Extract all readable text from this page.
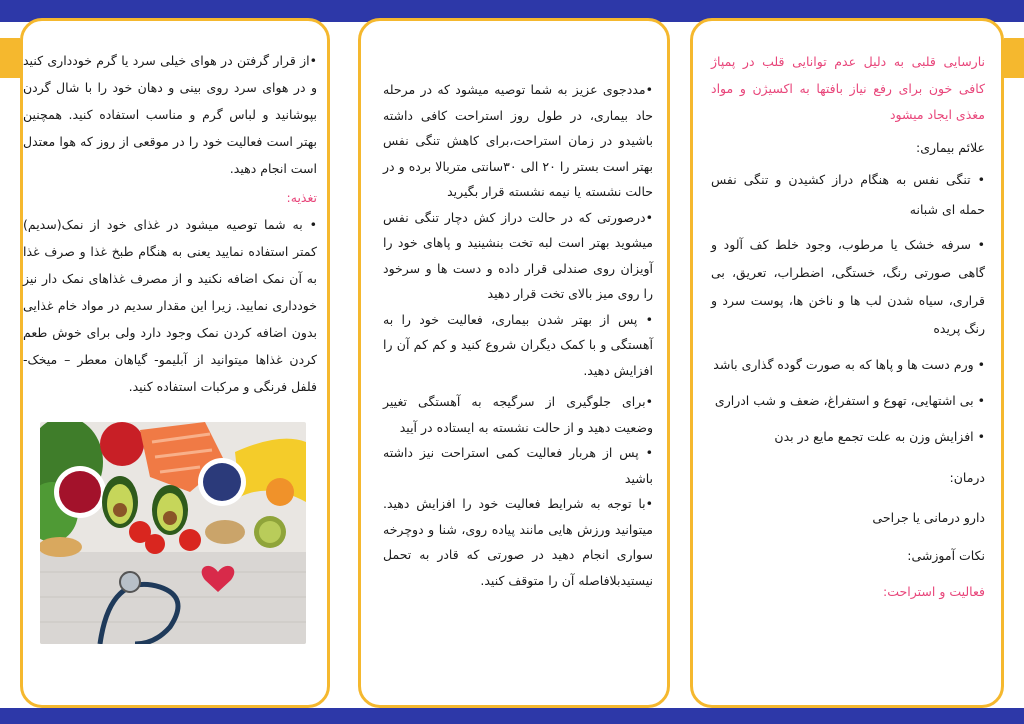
نارسایی قلبی به دلیل عدم توانایی قلب در پمپاژ کافی خون برای رفع نیاز بافتها به اکسیژن و مواد مغذی ایجاد میشود
علائم بیماری:

• تنگی نفس به هنگام دراز کشیدن و تنگی نفس حمله ای شبانه

• سرفه خشک یا مرطوب، وجود خلط کف آلود و گاهی صورتی رنگ، خستگی، اضطراب، تعریق، بی قراری، سیاه شدن لب ها و ناخن ها، پوست سرد و رنگ پریده

• ورم دست ها و پاها که به صورت گوده گذاری باشد

• بی اشتهایی، تهوع و استفراغ، ضعف و شب ادراری

• افزایش وزن به علت تجمع مایع در بدن

درمان:
دارو درمانی یا جراحی
نکات آموزشی:
فعالیت و استراحت:

•مددجوی عزیز به شما توصیه میشود که در مرحله حاد بیماری، در طول روز استراحت کافی داشته باشیدو در زمان استراحت،برای کاهش تنگی نفس بهتر است بستر را ۲۰ الی ۳۰سانتی متربالا برده و در حالت نشسته یا نیمه نشسته قرار بگیرید

•درصورتی که در حالت دراز کش دچار تنگی نفس میشوید بهتر است لبه تخت بنشینید و پاهای خود را آویزان روی صندلی قرار داده و دست ها و سرخود را روی میز بالای تخت قرار دهید

• پس از بهتر شدن بیماری، فعالیت خود را به آهستگی و با کمک دیگران شروع کنید و کم کم آن را افزایش دهید.

•برای جلوگیری از سرگیجه به آهستگی تغییر وضعیت دهید و از حالت نشسته به ایستاده در آیید

• پس از هربار فعالیت کمی استراحت نیز داشته باشید

•با توجه به شرایط فعالیت خود را افزایش دهید. میتوانید ورزش هایی مانند پیاده روی، شنا و دوچرخه سواری انجام دهید در صورتی که قادر به تحمل نیستیدبلافاصله آن را متوقف کنید.

•از قرار گرفتن در هوای خیلی سرد یا گرم خودداری کنید و در هوای سرد روی بینی و دهان خود را با شال گردن بپوشانید و لباس گرم و مناسب استفاده کنید. همچنین بهتر است فعالیت خود را در موقعی از روز که هوا معتدل است انجام دهید.

تغذیه:

• به شما توصیه میشود در غذای خود از نمک(سدیم) کمتر استفاده نمایید یعنی به هنگام طبخ غذا و صرف غذا به آن نمک اضافه نکنید و از مصرف غذاهای نمک دار نیز خودداری نمایید. زیرا این مقدار سدیم در مواد خام غذایی بدون اضافه کردن نمک وجود دارد ولی برای خوش طعم کردن غذاها میتوانید از آبلیمو- گیاهان معطر – میخک- فلفل فرنگی و مرکبات استفاده کنید.
